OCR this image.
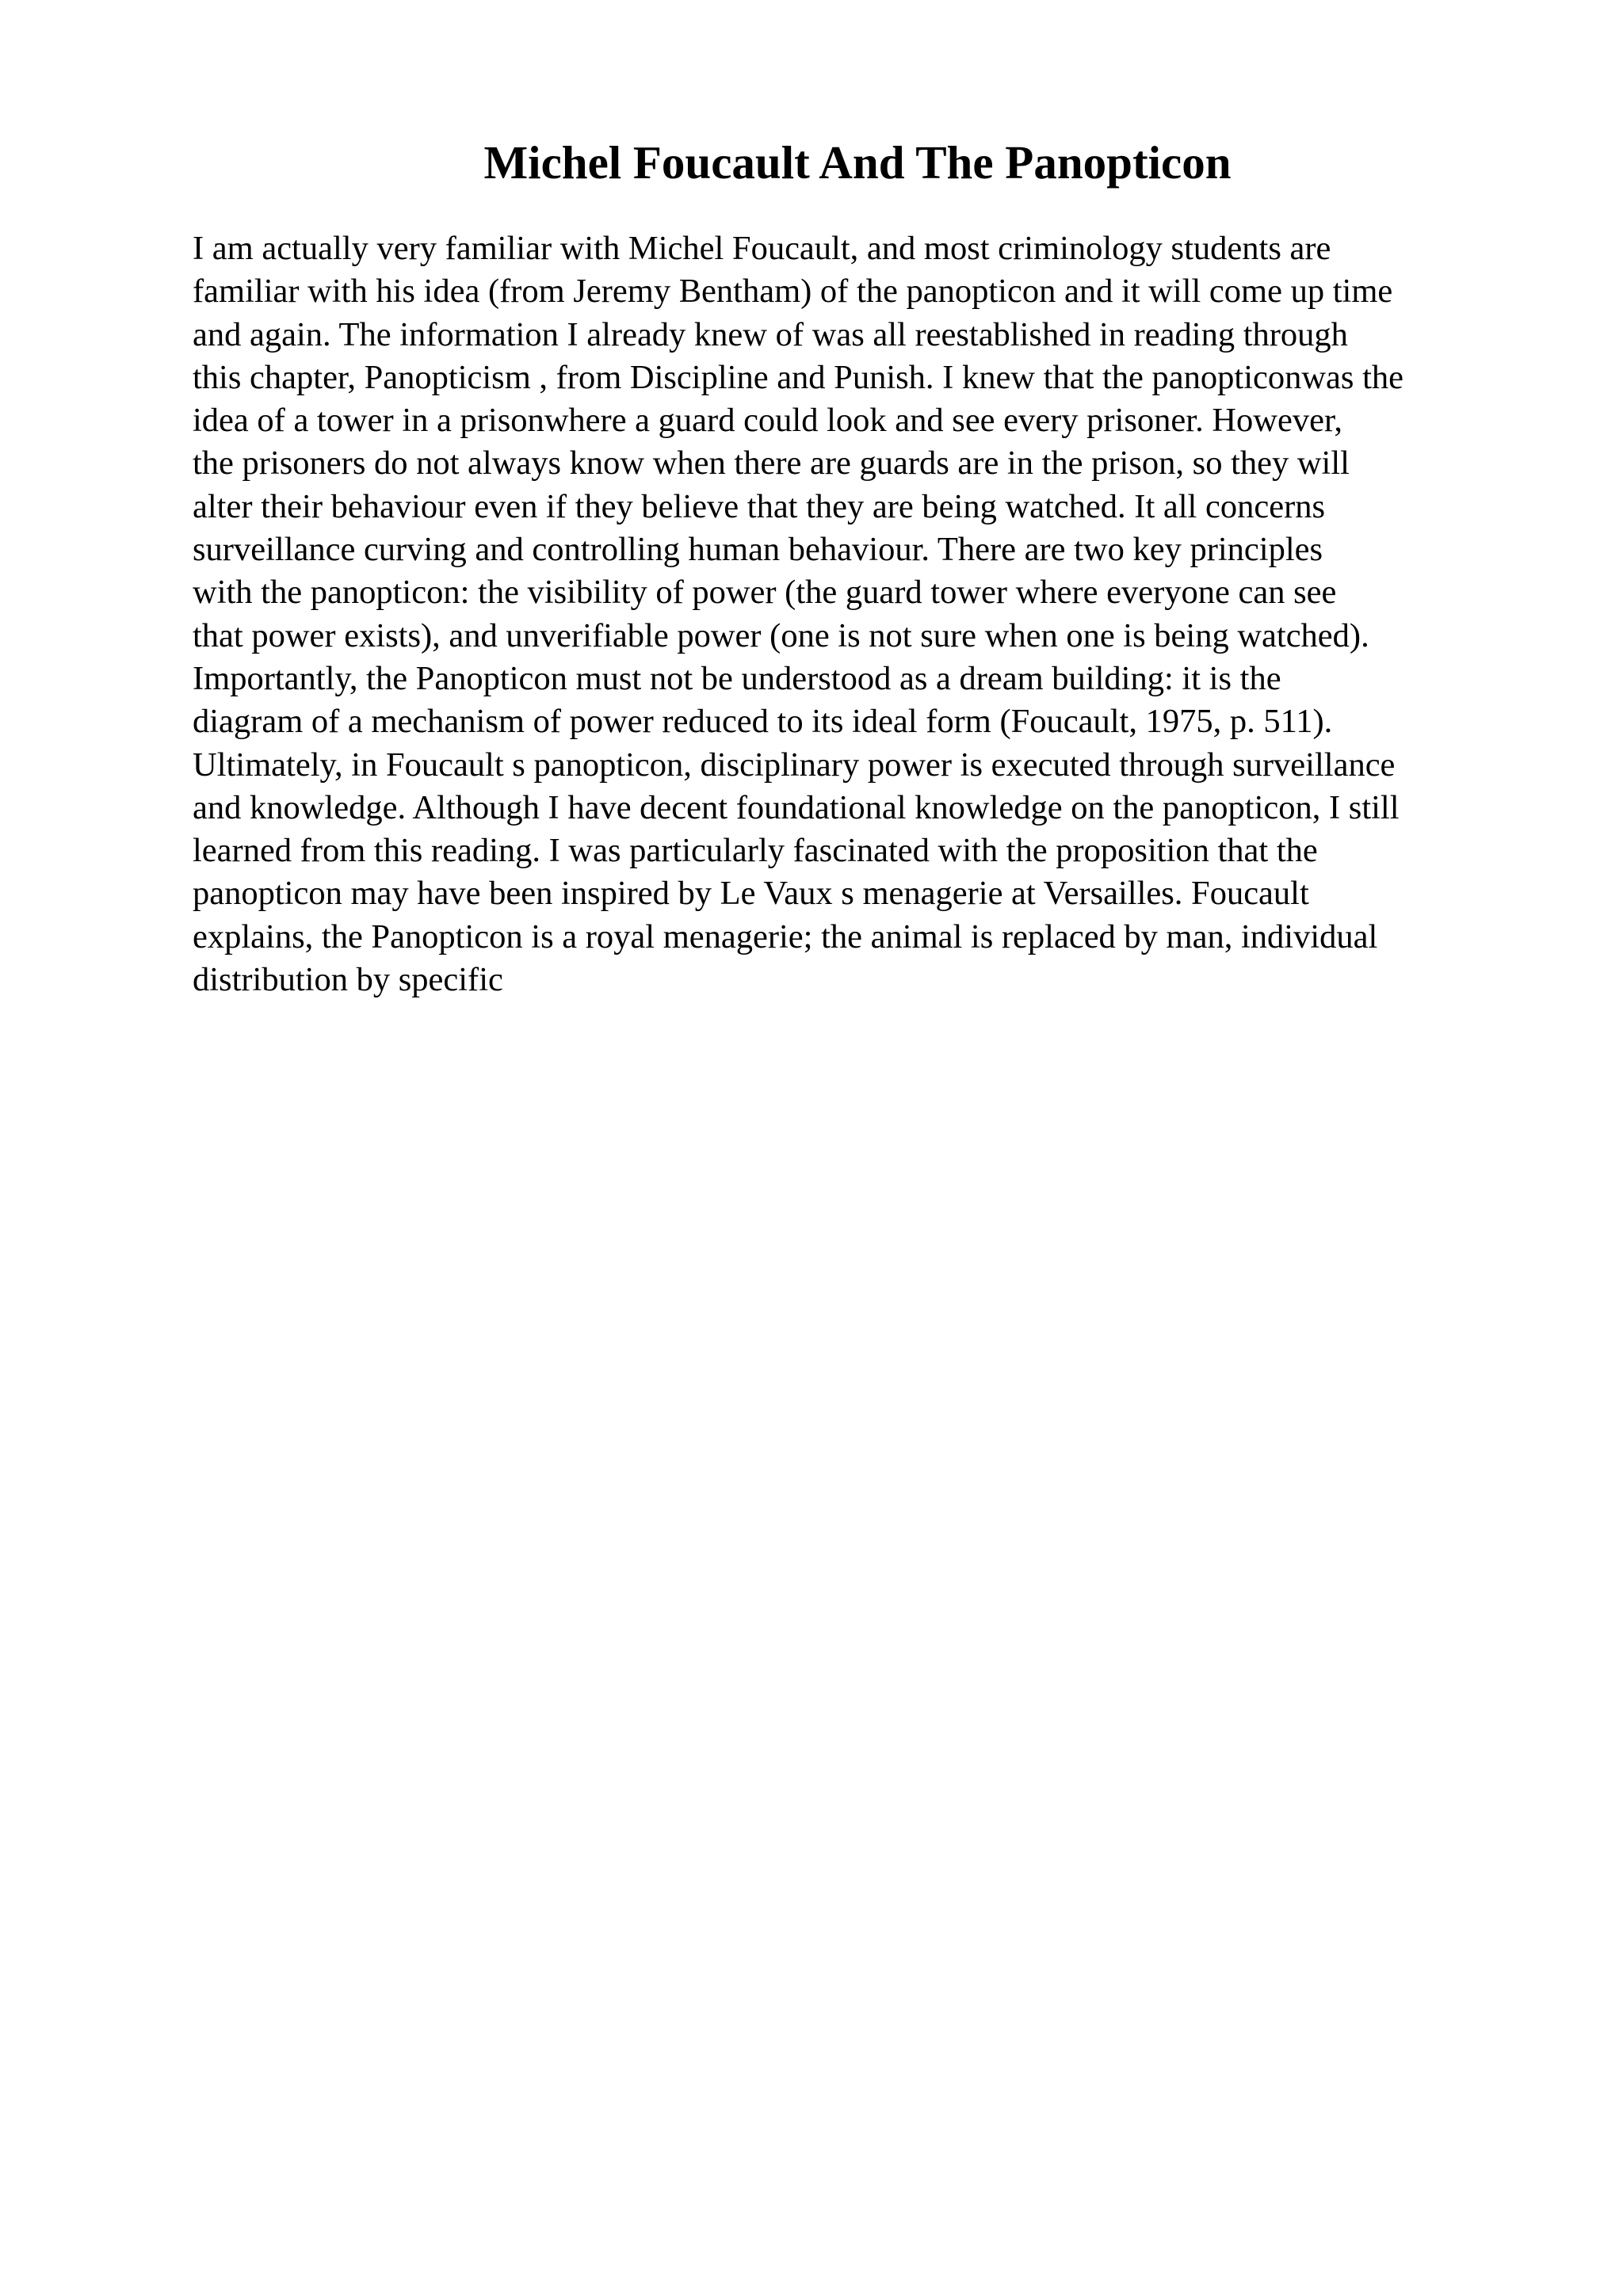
Michel Foucault And The Panopticon
I am actually very familiar with Michel Foucault, and most criminology students are
familiar with his idea (from Jeremy Bentham) of the panopticon and it will come up time
and again. The information I already knew of was all reestablished in reading through
this chapter, Panopticism , from Discipline and Punish. I knew that the panopticonwas the
idea of a tower in a prisonwhere a guard could look and see every prisoner. However,
the prisoners do not always know when there are guards are in the prison, so they will
alter their behaviour even if they believe that they are being watched. It all concerns
surveillance curving and controlling human behaviour. There are two key principles
with the panopticon: the visibility of power (the guard tower where everyone can see
that power exists), and unverifiable power (one is not sure when one is being watched).
Importantly, the Panopticon must not be understood as a dream building: it is the
diagram of a mechanism of power reduced to its ideal form (Foucault, 1975, p. 511).
Ultimately, in Foucault s panopticon, disciplinary power is executed through surveillance
and knowledge. Although I have decent foundational knowledge on the panopticon, I still
learned from this reading. I was particularly fascinated with the proposition that the
panopticon may have been inspired by Le Vaux s menagerie at Versailles. Foucault
explains, the Panopticon is a royal menagerie; the animal is replaced by man, individual
distribution by specific
